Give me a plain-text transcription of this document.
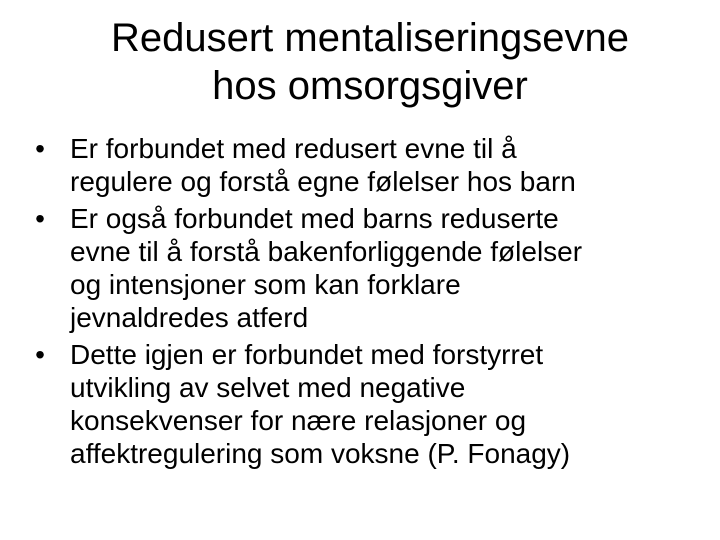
Redusert mentaliseringsevne
hos omsorgsgiver
• Er forbundet med redusert evne til å
regulere og forstå egne følelser hos barn
• Er også forbundet med barns reduserte
evne til å forstå bakenforliggende følelser
og intensjoner som kan forklare
jevnaldredes atferd
• Dette igjen er forbundet med forstyrret
utvikling av selvet med negative
konsekvenser for nære relasjoner og
affektregulering som voksne (P. Fonagy)
